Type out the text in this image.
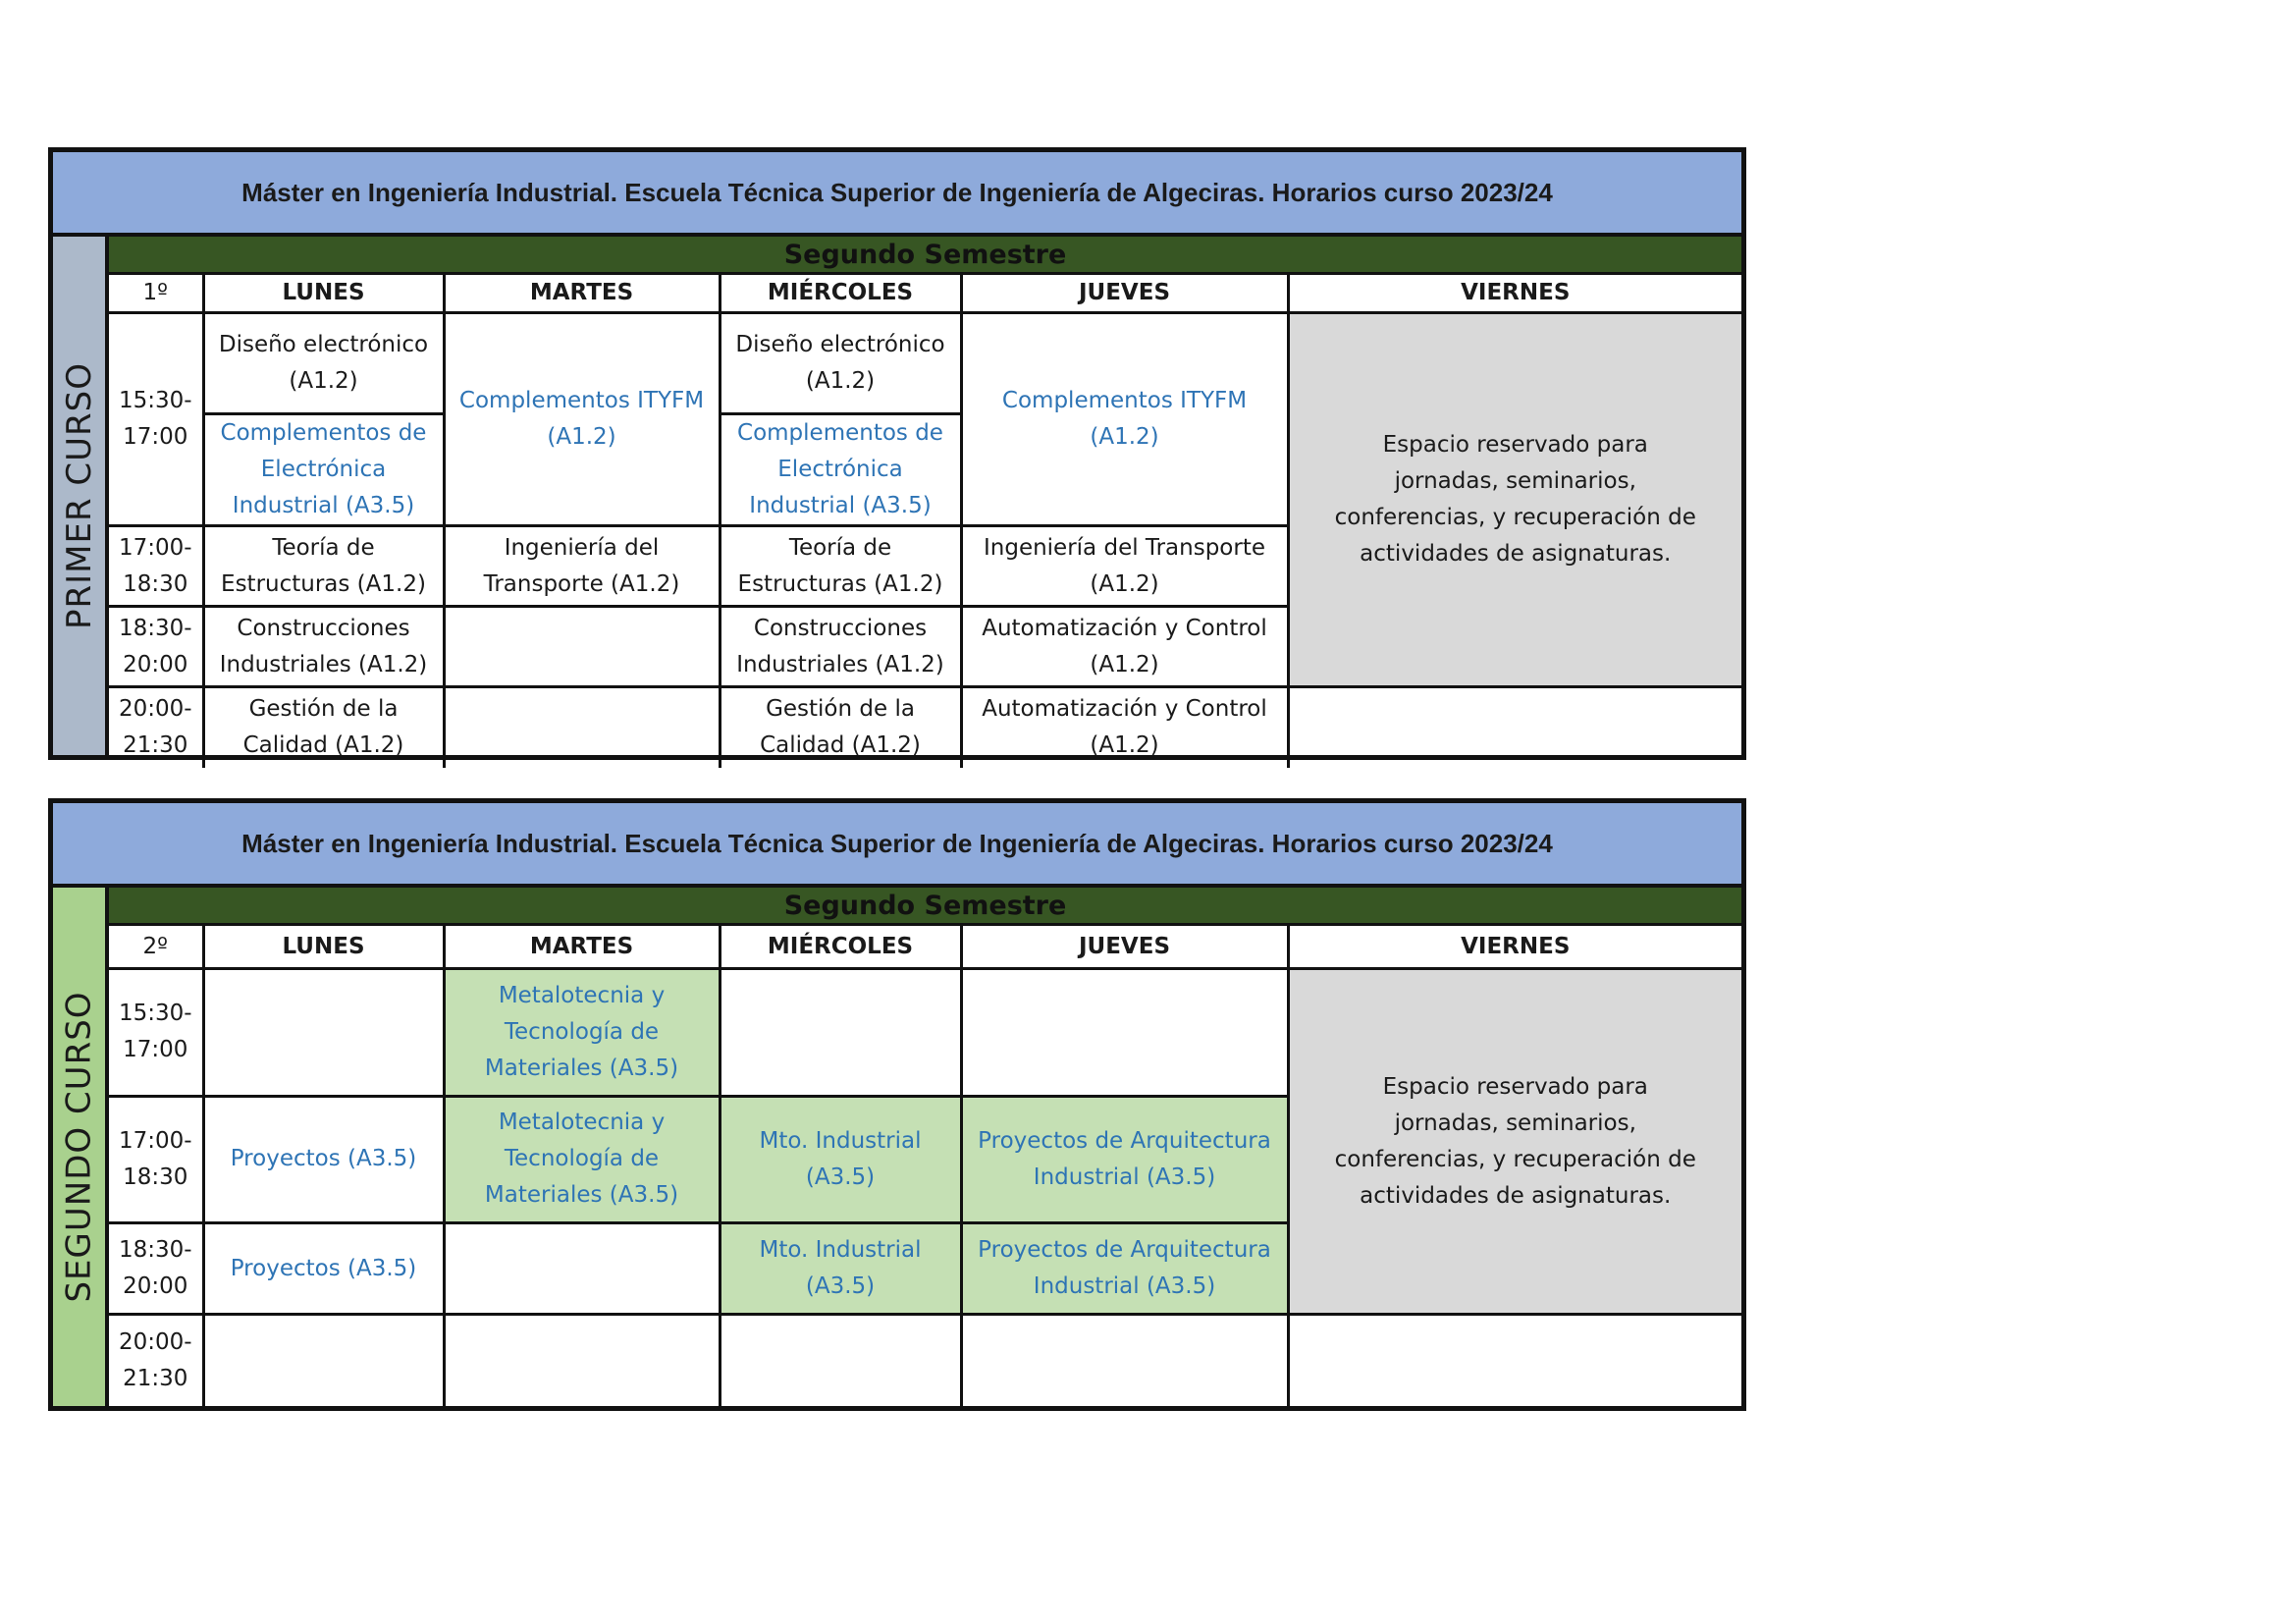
Máster en Ingeniería Industrial. Escuela Técnica Superior de Ingeniería de Algeciras. Horarios curso 2023/24
PRIMER CURSO
Segundo Semestre
1º	LUNES	MARTES	MIÉRCOLES	JUEVES	VIERNES
15:30-
17:00	Diseño electrónico (A1.2)	Complementos ITYFM (A1.2)	Diseño electrónico (A1.2)	Complementos ITYFM (A1.2)	Espacio reservado para jornadas, seminarios, conferencias, y recuperación de actividades de asignaturas.
	Complementos de Electrónica Industrial (A3.5)		Complementos de Electrónica Industrial (A3.5)		
17:00-
18:30	Teoría de Estructuras (A1.2)	Ingeniería del Transporte (A1.2)	Teoría de Estructuras (A1.2)	Ingeniería del Transporte (A1.2)	
18:30-
20:00	Construcciones Industriales (A1.2)		Construcciones Industriales (A1.2)	Automatización y Control (A1.2)	
20:00-
21:30	Gestión de la Calidad (A1.2)		Gestión de la Calidad (A1.2)	Automatización y Control (A1.2)	
Máster en Ingeniería Industrial. Escuela Técnica Superior de Ingeniería de Algeciras. Horarios curso 2023/24
SEGUNDO CURSO
Segundo Semestre
2º	LUNES	MARTES	MIÉRCOLES	JUEVES	VIERNES
15:30-
17:00		Metalotecnia y Tecnología de Materiales (A3.5)			Espacio reservado para jornadas, seminarios, conferencias, y recuperación de actividades de asignaturas.
17:00-
18:30	Proyectos (A3.5)	Metalotecnia y Tecnología de Materiales (A3.5)	Mto. Industrial (A3.5)	Proyectos de Arquitectura Industrial (A3.5)	
18:30-
20:00	Proyectos (A3.5)		Mto. Industrial (A3.5)	Proyectos de Arquitectura Industrial (A3.5)	
20:00-
21:30					
